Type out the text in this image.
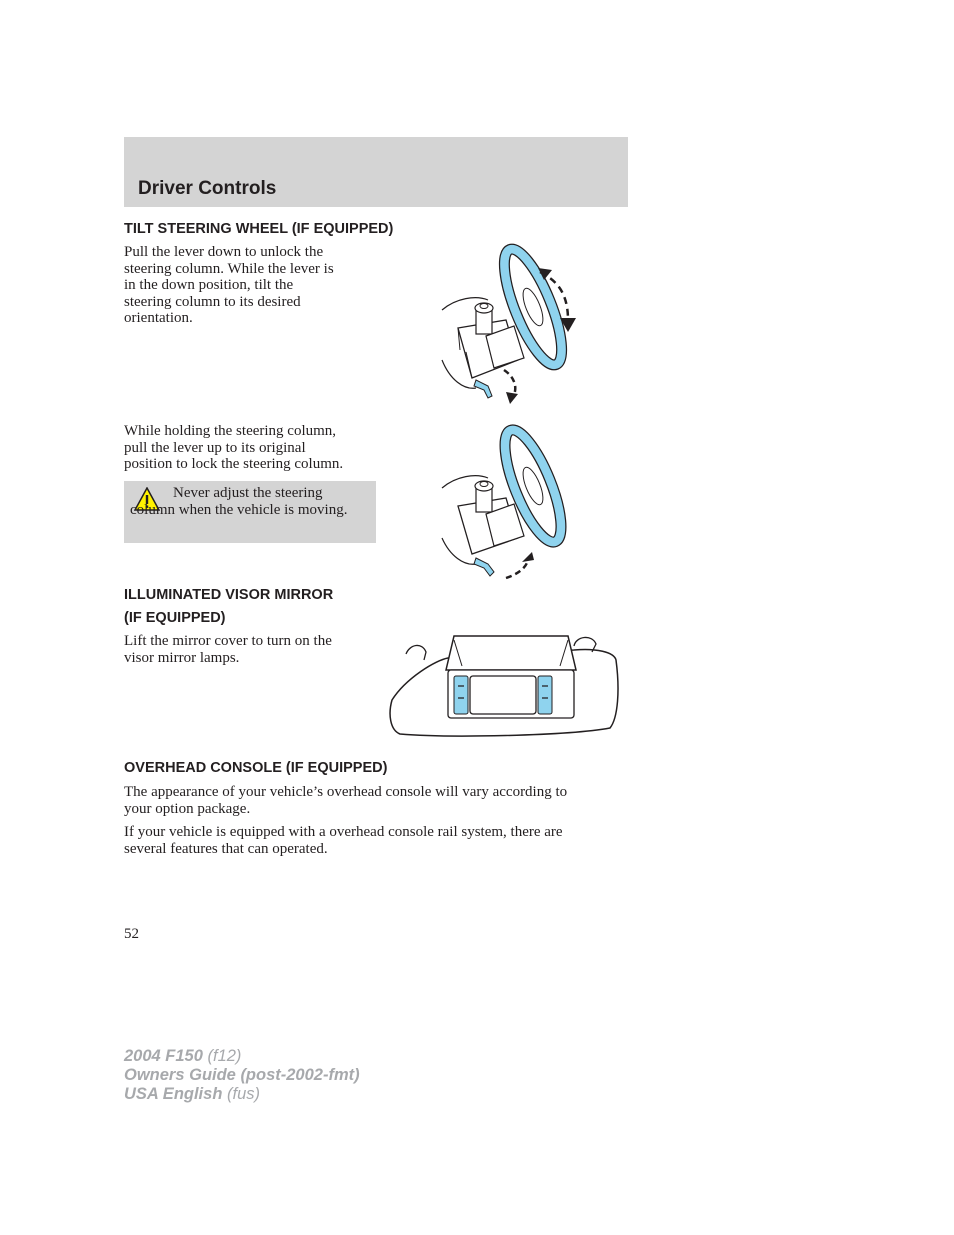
Driver Controls
TILT STEERING WHEEL (IF EQUIPPED)
Pull the lever down to unlock the
steering column. While the lever is
in the down position, tilt the
steering column to its desired
orientation.
While holding the steering column,
pull the lever up to its original
position to lock the steering column.
Never adjust the steering column when the vehicle is moving.
ILLUMINATED VISOR MIRROR
(IF EQUIPPED)
Lift the mirror cover to turn on the
visor mirror lamps.
OVERHEAD CONSOLE (IF EQUIPPED)
The appearance of your vehicle’s overhead console will vary according to
your option package.
If your vehicle is equipped with a overhead console rail system, there are
several features that can operated.
52
2004 F150 (f12)
Owners Guide (post-2002-fmt)
USA English (fus)
